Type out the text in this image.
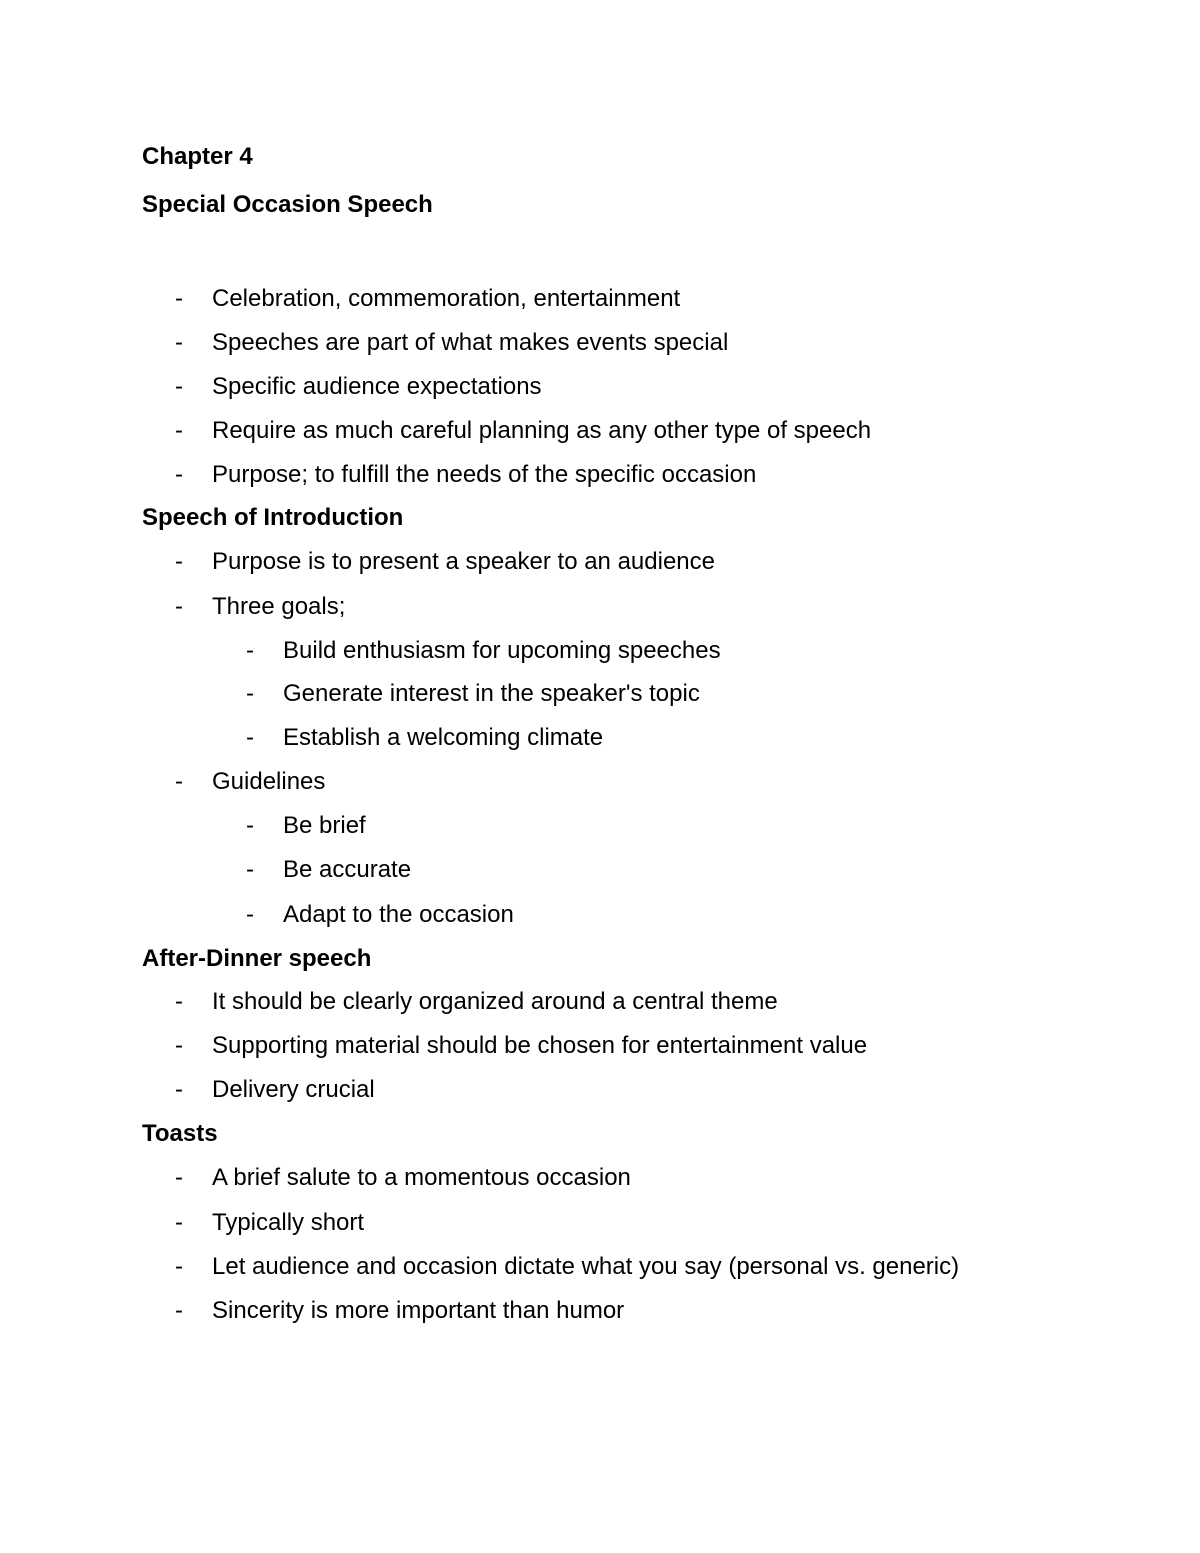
Chapter 4
Special Occasion Speech
- Celebration, commemoration, entertainment
- Speeches are part of what makes events special
- Specific audience expectations
- Require as much careful planning as any other type of speech
- Purpose; to fulfill the needs of the specific occasion
Speech of Introduction
- Purpose is to present a speaker to an audience
- Three goals;
- Build enthusiasm for upcoming speeches
- Generate interest in the speaker's topic
- Establish a welcoming climate
- Guidelines
- Be brief
- Be accurate
- Adapt to the occasion
After-Dinner speech
- It should be clearly organized around a central theme
- Supporting material should be chosen for entertainment value
- Delivery crucial
Toasts
- A brief salute to a momentous occasion
- Typically short
- Let audience and occasion dictate what you say (personal vs. generic)
- Sincerity is more important than humor
